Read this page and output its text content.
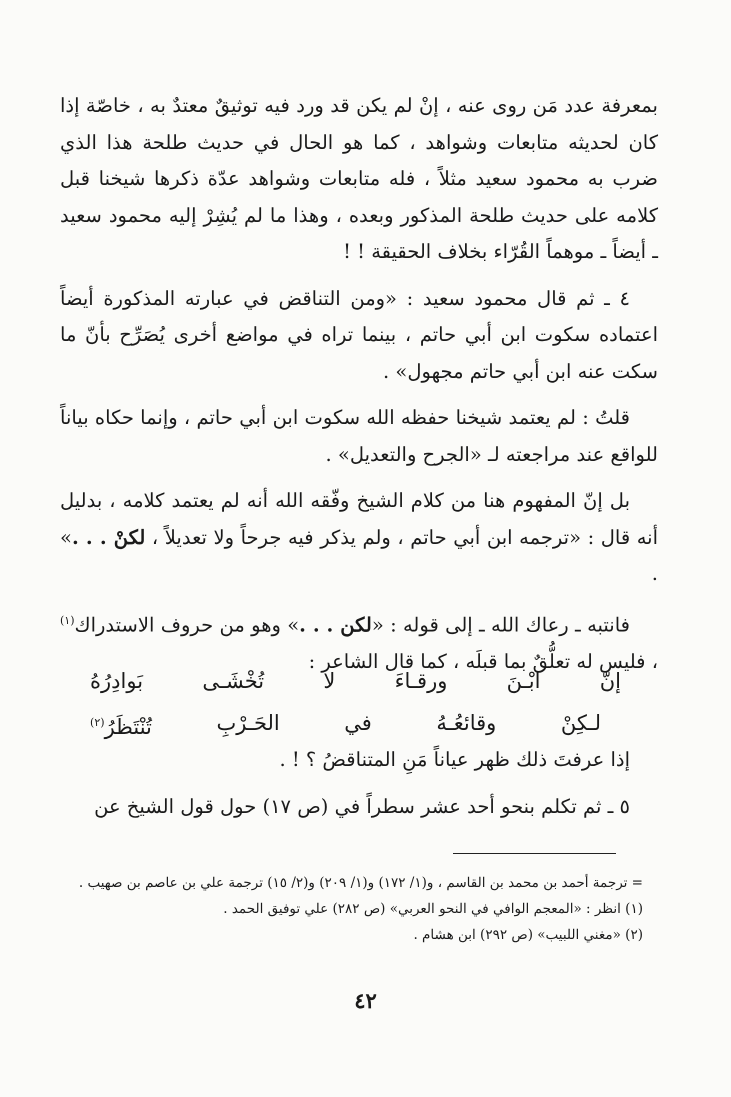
بمعرفة عدد مَن روى عنه ، إنْ لم يكن قد ورد فيه توثيقٌ معتدٌ به ، خاصّة إذا كان لحديثه متابعات وشواهد ، كما هو الحال في حديث طلحة هذا الذي ضرب به محمود سعيد مثلاً ، فله متابعات وشواهد عدّة ذكرها شيخنا قبل كلامه على حديث طلحة المذكور وبعده ، وهذا ما لم يُشِرْ إليه محمود سعيد ـ أيضاً ـ موهماً القُرّاء بخلاف الحقيقة ! !

٤ ـ ثم قال محمود سعيد : «ومن التناقض في عبارته المذكورة أيضاً اعتماده سكوت ابن أبي حاتم ، بينما تراه في مواضع أخرى يُصَرِّح بأنّ ما سكت عنه ابن أبي حاتم مجهول» .

قلتُ : لم يعتمد شيخنا حفظه الله سكوت ابن أبي حاتم ، وإنما حكاه بياناً للواقع عند مراجعته لـ «الجرح والتعديل» .

بل إنّ المفهوم هنا من كلام الشيخ وفّقه الله أنه لم يعتمد كلامه ، بدليل أنه قال : «ترجمه ابن أبي حاتم ، ولم يذكر فيه جرحاً ولا تعديلاً ، لكنْ . . .» .

فانتبه ـ رعاك الله ـ إلى قوله : «لكن . . .» وهو من حروف الاستدراك$^{(١)}$ ، فليس له تعلُّقٌ بما قبلَه ، كما قال الشاعر :

إنّ
ابْـنَ
ورقـاءَ
لا
تُخْشَـى
بَوادِرُهُ
لـكِنْ
وقائعُـهُ
في
الحَـرْبِ
تُنْتَظَرُ$^{(٢)}$

إذا عرفتَ ذلك ظهر عياناً مَنِ المتناقضُ ؟ ! .

٥ ـ ثم تكلم بنحو أحد عشر سطراً في (ص ١٧) حول قول الشيخ عن

= ترجمة أحمد بن محمد بن القاسم ، و(١/ ١٧٢) و(١/ ٢٠٩) و(٢/ ١٥) ترجمة علي بن عاصم بن صهيب .

(١) انظر : «المعجم الوافي في النحو العربي» (ص ٢٨٢) علي توفيق الحمد .

(٢) «مغني اللبيب» (ص ٢٩٢) ابن هشام .

٤٢
